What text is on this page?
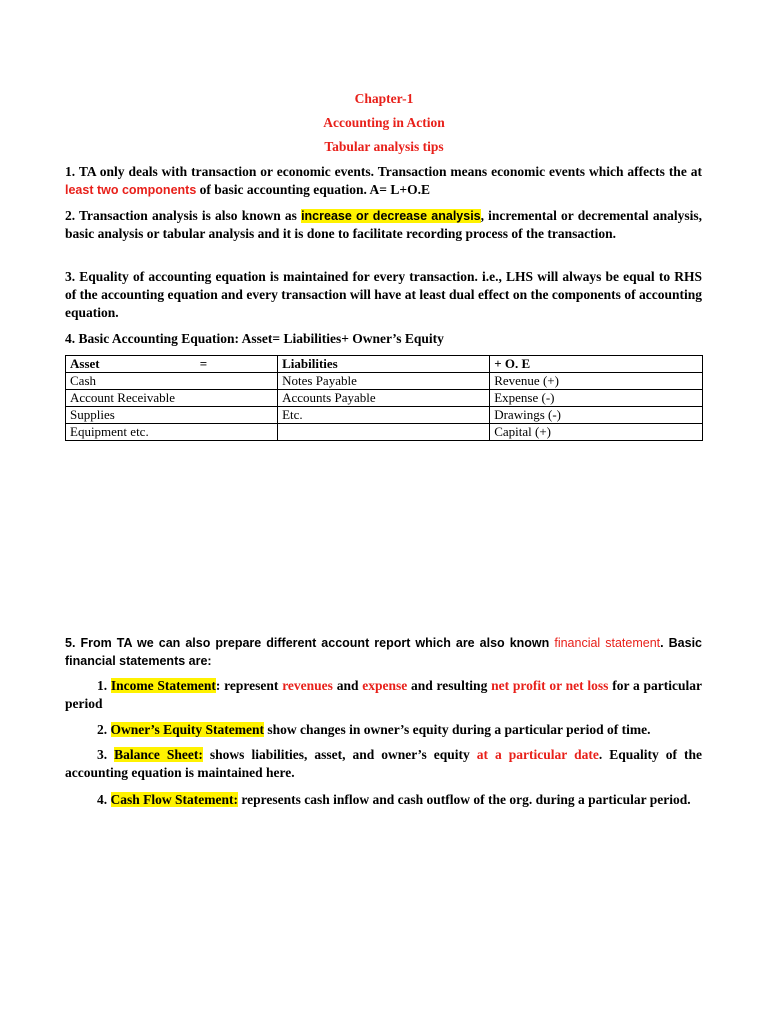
Chapter-1
Accounting in Action
Tabular analysis tips
1. TA only deals with transaction or economic events. Transaction means economic events which affects the at least two components of basic accounting equation. A= L+O.E
2. Transaction analysis is also known as increase or decrease analysis, incremental or decremental analysis, basic analysis or tabular analysis and it is done to facilitate recording process of the transaction.
3. Equality of accounting equation is maintained for every transaction. i.e., LHS will always be equal to RHS of the accounting equation and every transaction will have at least dual effect on the components of accounting equation.
4. Basic Accounting Equation: Asset= Liabilities+ Owner’s Equity
Asset =	Liabilities	+ O. E
Cash	Notes Payable	Revenue (+)
Account Receivable	Accounts Payable	Expense (-)
Supplies	Etc.	Drawings (-)
Equipment etc.		Capital (+)
5. From TA we can also prepare different account report which are also known financial statement. Basic financial statements are:
1. Income Statement: represent revenues and expense and resulting net profit or net loss for a particular period
2. Owner’s Equity Statement show changes in owner’s equity during a particular period of time.
3. Balance Sheet: shows liabilities, asset, and owner’s equity at a particular date. Equality of the accounting equation is maintained here.
4. Cash Flow Statement: represents cash inflow and cash outflow of the org. during a particular period.
